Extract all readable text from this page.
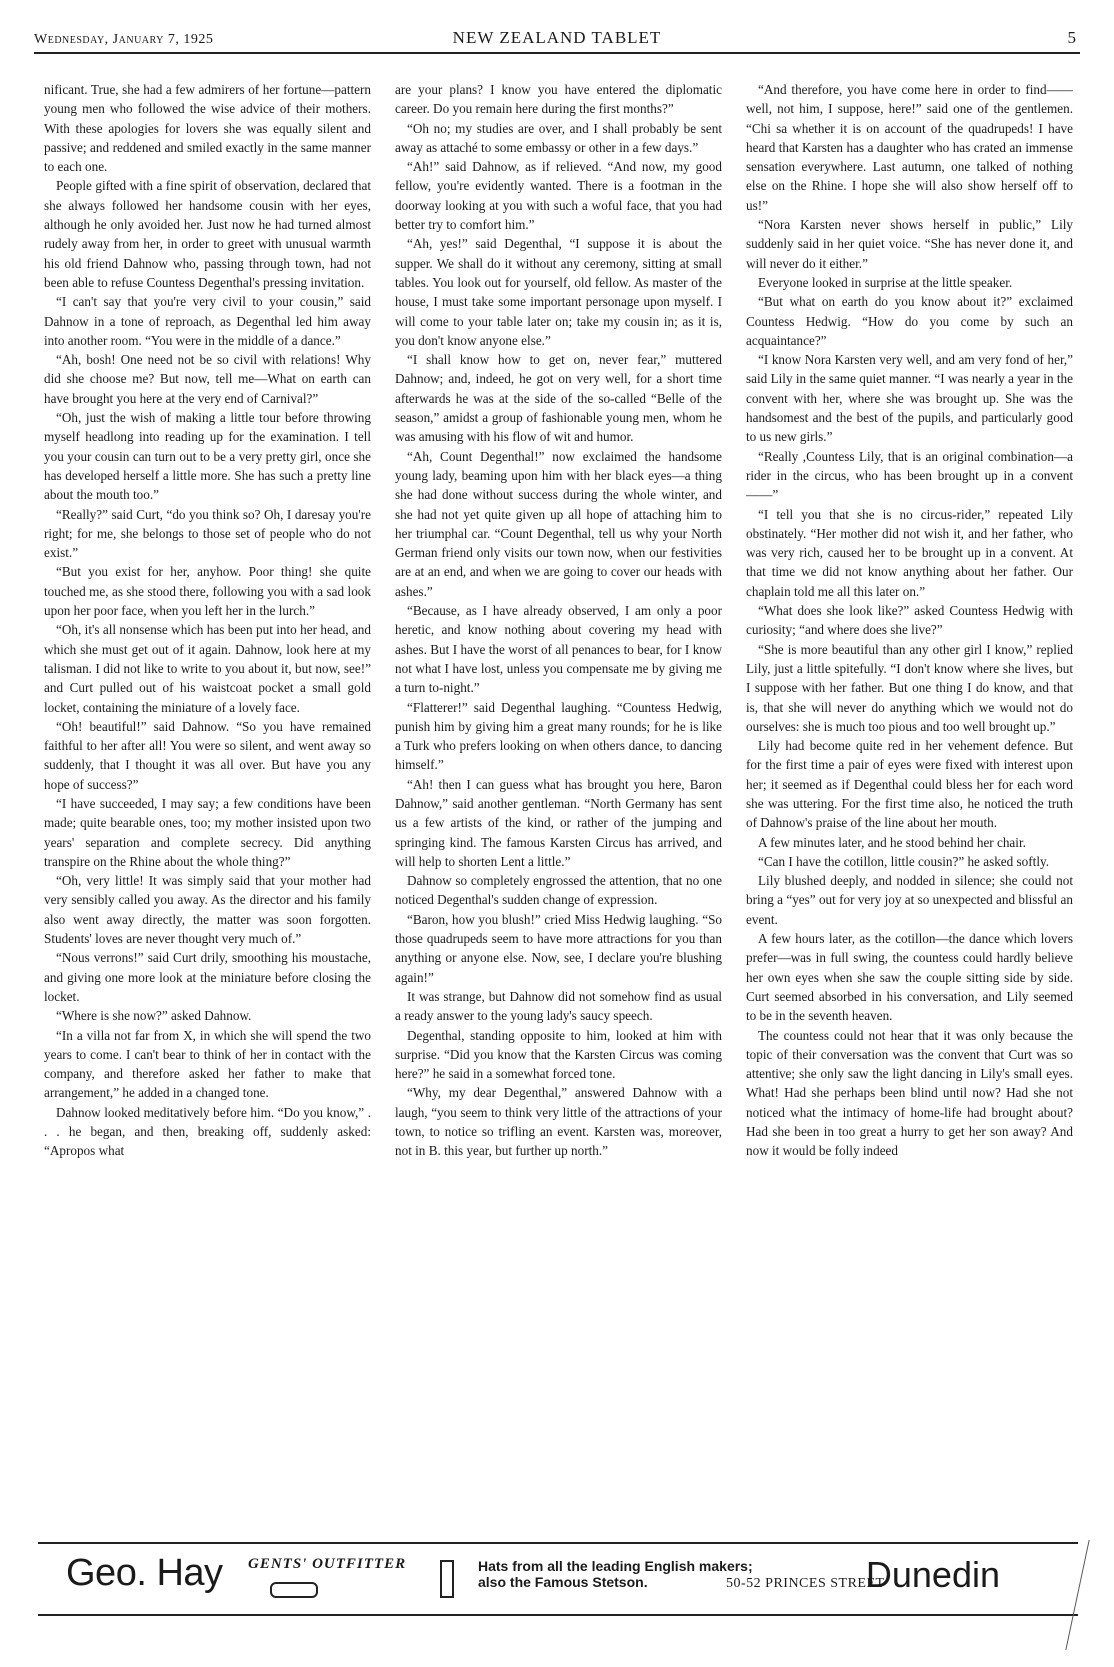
Wednesday, January 7, 1925	NEW ZEALAND TABLET	5

nificant. True, she had a few admirers of her fortune—pattern young men who followed the wise advice of their mothers. With these apologies for lovers she was equally silent and passive; and reddened and smiled exactly in the same manner to each one.

People gifted with a fine spirit of observation, declared that she always followed her handsome cousin with her eyes, although he only avoided her. Just now he had turned almost rudely away from her, in order to greet with unusual warmth his old friend Dahnow who, passing through town, had not been able to refuse Countess Degenthal's pressing invitation.

“I can't say that you're very civil to your cousin,” said Dahnow in a tone of reproach, as Degenthal led him away into another room. “You were in the middle of a dance.”

“Ah, bosh! One need not be so civil with relations! Why did she choose me? But now, tell me—What on earth can have brought you here at the very end of Carnival?”

“Oh, just the wish of making a little tour before throwing myself headlong into reading up for the examination. I tell you your cousin can turn out to be a very pretty girl, once she has developed herself a little more. She has such a pretty line about the mouth too.”

“Really?” said Curt, “do you think so? Oh, I daresay you're right; for me, she belongs to those set of people who do not exist.”

“But you exist for her, anyhow. Poor thing! she quite touched me, as she stood there, following you with a sad look upon her poor face, when you left her in the lurch.”

“Oh, it's all nonsense which has been put into her head, and which she must get out of it again. Dahnow, look here at my talisman. I did not like to write to you about it, but now, see!” and Curt pulled out of his waistcoat pocket a small gold locket, containing the miniature of a lovely face.

“Oh! beautiful!” said Dahnow. “So you have remained faithful to her after all! You were so silent, and went away so suddenly, that I thought it was all over. But have you any hope of success?”

“I have succeeded, I may say; a few conditions have been made; quite bearable ones, too; my mother insisted upon two years' separation and complete secrecy. Did anything transpire on the Rhine about the whole thing?”

“Oh, very little! It was simply said that your mother had very sensibly called you away. As the director and his family also went away directly, the matter was soon forgotten. Students' loves are never thought very much of.”

“Nous verrons!” said Curt drily, smoothing his moustache, and giving one more look at the miniature before closing the locket.

“Where is she now?” asked Dahnow.

“In a villa not far from X, in which she will spend the two years to come. I can't bear to think of her in contact with the company, and therefore asked her father to make that arrangement,” he added in a changed tone.

Dahnow looked meditatively before him. “Do you know,” . . . he began, and then, breaking off, suddenly asked: “Apropos what

are your plans? I know you have entered the diplomatic career. Do you remain here during the first months?”

“Oh no; my studies are over, and I shall probably be sent away as attaché to some embassy or other in a few days.”

“Ah!” said Dahnow, as if relieved. “And now, my good fellow, you're evidently wanted. There is a footman in the doorway looking at you with such a woful face, that you had better try to comfort him.”

“Ah, yes!” said Degenthal, “I suppose it is about the supper. We shall do it without any ceremony, sitting at small tables. You look out for yourself, old fellow. As master of the house, I must take some important personage upon myself. I will come to your table later on; take my cousin in; as it is, you don't know anyone else.”

“I shall know how to get on, never fear,” muttered Dahnow; and, indeed, he got on very well, for a short time afterwards he was at the side of the so-called “Belle of the season,” amidst a group of fashionable young men, whom he was amusing with his flow of wit and humor.

“Ah, Count Degenthal!” now exclaimed the handsome young lady, beaming upon him with her black eyes—a thing she had done without success during the whole winter, and she had not yet quite given up all hope of attaching him to her triumphal car. “Count Degenthal, tell us why your North German friend only visits our town now, when our festivities are at an end, and when we are going to cover our heads with ashes.”

“Because, as I have already observed, I am only a poor heretic, and know nothing about covering my head with ashes. But I have the worst of all penances to bear, for I know not what I have lost, unless you compensate me by giving me a turn to-night.”

“Flatterer!” said Degenthal laughing. “Countess Hedwig, punish him by giving him a great many rounds; for he is like a Turk who prefers looking on when others dance, to dancing himself.”

“Ah! then I can guess what has brought you here, Baron Dahnow,” said another gentleman. “North Germany has sent us a few artists of the kind, or rather of the jumping and springing kind. The famous Karsten Circus has arrived, and will help to shorten Lent a little.”

Dahnow so completely engrossed the attention, that no one noticed Degenthal's sudden change of expression.

“Baron, how you blush!” cried Miss Hedwig laughing. “So those quadrupeds seem to have more attractions for you than anything or anyone else. Now, see, I declare you're blushing again!”

It was strange, but Dahnow did not somehow find as usual a ready answer to the young lady's saucy speech.

Degenthal, standing opposite to him, looked at him with surprise. “Did you know that the Karsten Circus was coming here?” he said in a somewhat forced tone.

“Why, my dear Degenthal,” answered Dahnow with a laugh, “you seem to think very little of the attractions of your town, to notice so trifling an event. Karsten was, moreover, not in B. this year, but further up north.”

“And therefore, you have come here in order to find—— well, not him, I suppose, here!” said one of the gentlemen. “Chi sa whether it is on account of the quadrupeds! I have heard that Karsten has a daughter who has crated an immense sensation everywhere. Last autumn, one talked of nothing else on the Rhine. I hope she will also show herself off to us!”

“Nora Karsten never shows herself in public,” Lily suddenly said in her quiet voice. “She has never done it, and will never do it either.”

Everyone looked in surprise at the little speaker.

“But what on earth do you know about it?” exclaimed Countess Hedwig. “How do you come by such an acquaintance?”

“I know Nora Karsten very well, and am very fond of her,” said Lily in the same quiet manner. “I was nearly a year in the convent with her, where she was brought up. She was the handsomest and the best of the pupils, and particularly good to us new girls.”

“Really ,Countess Lily, that is an original combination—a rider in the circus, who has been brought up in a convent——”

“I tell you that she is no circus-rider,” repeated Lily obstinately. “Her mother did not wish it, and her father, who was very rich, caused her to be brought up in a convent. At that time we did not know anything about her father. Our chaplain told me all this later on.”

“What does she look like?” asked Countess Hedwig with curiosity; “and where does she live?”

“She is more beautiful than any other girl I know,” replied Lily, just a little spitefully. “I don't know where she lives, but I suppose with her father. But one thing I do know, and that is, that she will never do anything which we would not do ourselves: she is much too pious and too well brought up.”

Lily had become quite red in her vehement defence. But for the first time a pair of eyes were fixed with interest upon her; it seemed as if Degenthal could bless her for each word she was uttering. For the first time also, he noticed the truth of Dahnow's praise of the line about her mouth.

A few minutes later, and he stood behind her chair.

“Can I have the cotillon, little cousin?” he asked softly.

Lily blushed deeply, and nodded in silence; she could not bring a “yes” out for very joy at so unexpected and blissful an event.

A few hours later, as the cotillon—the dance which lovers prefer—was in full swing, the countess could hardly believe her own eyes when she saw the couple sitting side by side. Curt seemed absorbed in his conversation, and Lily seemed to be in the seventh heaven.

The countess could not hear that it was only because the topic of their conversation was the convent that Curt was so attentive; she only saw the light dancing in Lily's small eyes. What! Had she perhaps been blind until now? Had she not noticed what the intimacy of home-life had brought about? Had she been in too great a hurry to get her son away? And now it would be folly indeed

Geo. Hay GENTS' OUTFITTER	Hats from all the leading English makers;
also the Famous Stetson.	50-52 PRINCES STREET
Dunedin
